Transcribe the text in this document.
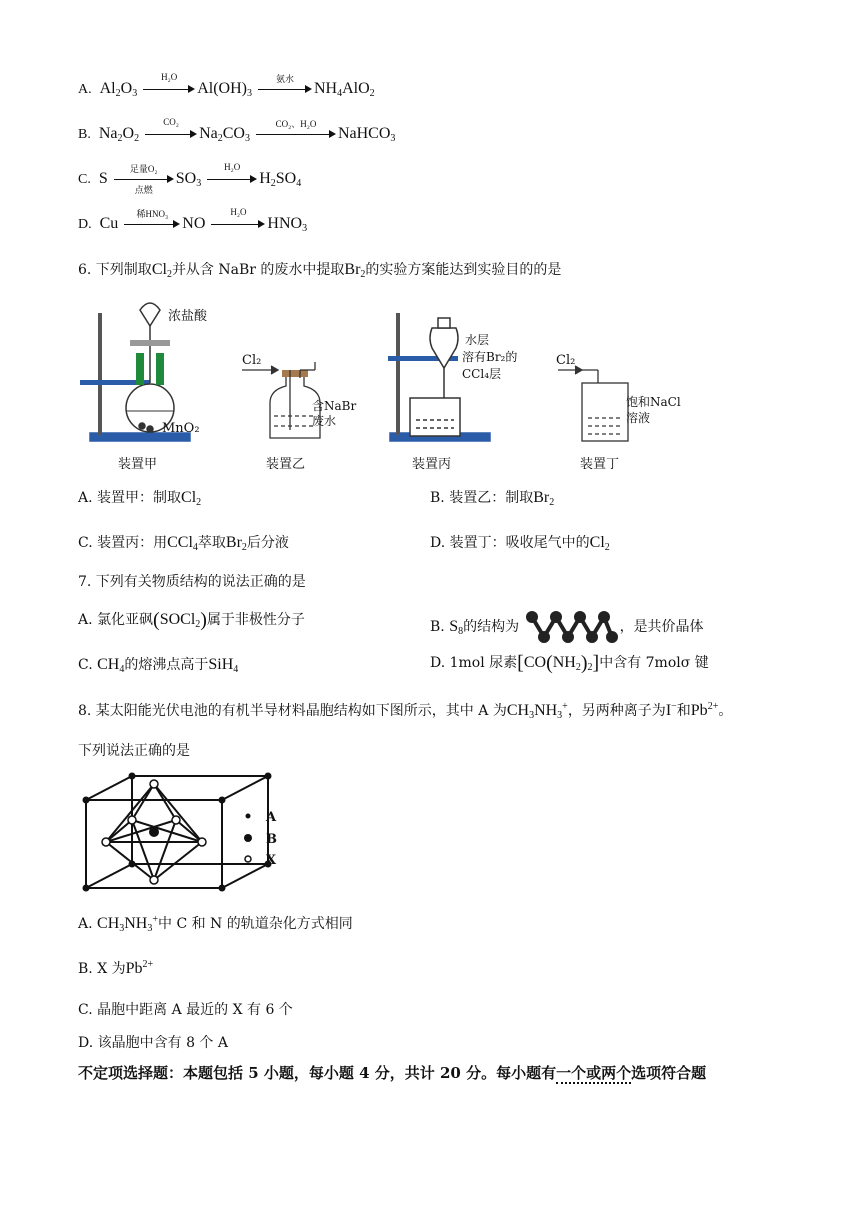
A.  $Al_2O_3$
H₂O
$Al(OH)_3$
氨水
$NH_4AlO_2$
B.  $Na_2O_2$
CO₂
$Na_2CO_3$
CO₂、H₂O
NaHCO$_3$
C.  S
足量O₂
点燃
$SO_3$
H₂O
$H_2SO_4$
D.  Cu
稀HNO₃
NO
H₂O
$HNO_3$
6. 下列制取$Cl_2$并从含 NaBr 的废水中提取$Br_2$的实验方案能达到实验目的的是
浓盐酸
MnO₂
Cl₂
含NaBr
废水
水层
溶有Br₂的
CCl₄层
Cl₂
饱和NaCl
溶液
装置甲	装置乙	装置丙	装置丁
A. 装置甲：制取$Cl_2$	B. 装置乙：制取$Br_2$
C. 装置丙：用CCl$_4$萃取$Br_2$后分液	D. 装置丁：吸收尾气中的$Cl_2$
7. 下列有关物质结构的说法正确的是
A. 氯化亚砜(SOCl$_2$)属于非极性分子	B. $S_8$的结构为	，是共价晶体
C. $CH_4$的熔沸点高于SiH$_4$	D. 1mol 尿素$[CO(NH_2)_2]$中含有 7molσ 键
8. 某太阳能光伏电池的有机半导材料晶胞结构如下图所示，其中 A 为$CH_3NH_3^+$，另两种离子为I−和$Pb^{2+}$。
下列说法正确的是
A
B
X
A. $CH_3NH_3^+$中 C 和 N 的轨道杂化方式相同
B. X 为$Pb^{2+}$
C. 晶胞中距离 A 最近的 X 有 6 个
D. 该晶胞中含有 8 个 A
不定项选择题：本题包括 5 小题，每小题 4 分，共计 20 分。每小题有一个或两个选项符合题
